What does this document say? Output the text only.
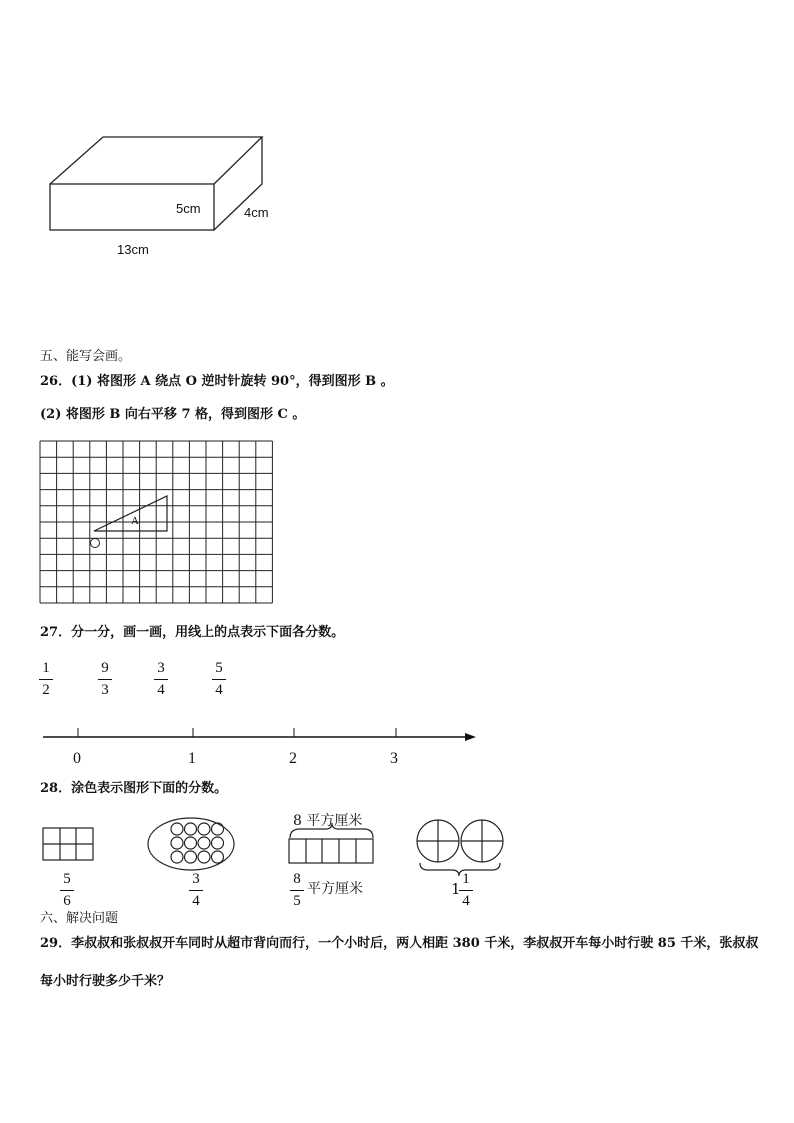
5cm	4cm
13cm
五、能写会画。
26．(1) 将图形 A 绕点 O 逆时针旋转 90°，得到图形 B 。
(2) 将图形 B 向右平移 7 格，得到图形 C 。
A
27．分一分，画一画，用线上的点表示下面各分数。
1
2
9
3
3
4
5
4
0	1	2	3
28．涂色表示图形下面的分数。
8 平方厘米
5
6
3
4
8
5
平方厘米	1
1
4
六、解决问题
29．李叔叔和张叔叔开车同时从超市背向而行，一个小时后，两人相距 380 千米，李叔叔开车每小时行驶 85 千米，张叔叔每小时行驶多少千米？
